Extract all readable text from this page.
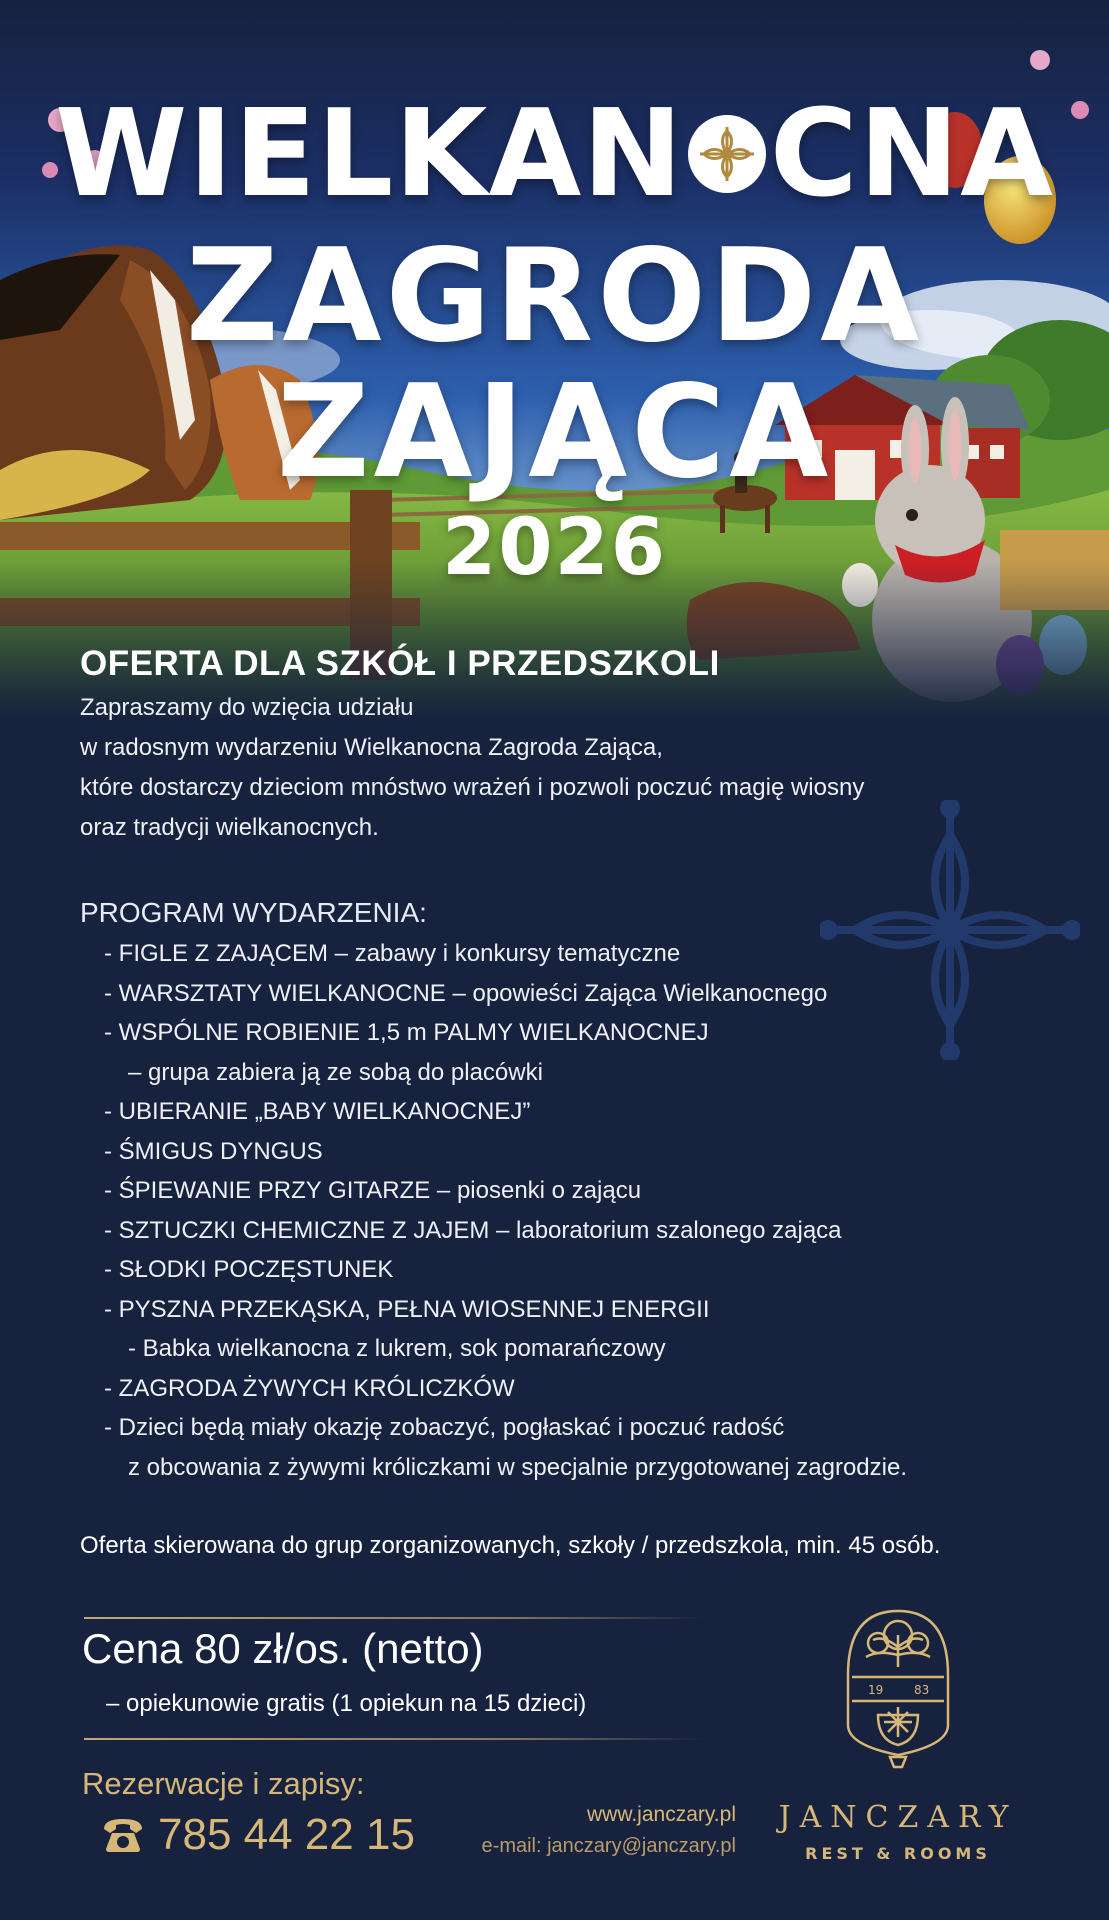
WIELKAN CNA
ZAGRODA
ZAJĄCA
2026
OFERTA DLA SZKÓŁ I PRZEDSZKOLI
Zapraszamy do wzięcia udziału
w radosnym wydarzeniu Wielkanocna Zagroda Zająca,
które dostarczy dzieciom mnóstwo wrażeń i pozwoli poczuć magię wiosny
oraz tradycji wielkanocnych.
PROGRAM WYDARZENIA:
- FIGLE Z ZAJĄCEM – zabawy i konkursy tematyczne
- WARSZTATY WIELKANOCNE – opowieści Zająca Wielkanocnego
- WSPÓLNE ROBIENIE 1,5 m PALMY WIELKANOCNEJ
– grupa zabiera ją ze sobą do placówki
- UBIERANIE „BABY WIELKANOCNEJ”
- ŚMIGUS DYNGUS
- ŚPIEWANIE PRZY GITARZE – piosenki o zającu
- SZTUCZKI CHEMICZNE Z JAJEM – laboratorium szalonego zająca
- SŁODKI POCZĘSTUNEK
- PYSZNA PRZEKĄSKA, PEŁNA WIOSENNEJ ENERGII
- Babka wielkanocna z lukrem, sok pomarańczowy
- ZAGRODA ŻYWYCH KRÓLICZKÓW
- Dzieci będą miały okazję zobaczyć, pogłaskać i poczuć radość
z obcowania z żywymi króliczkami w specjalnie przygotowanej zagrodzie.
Oferta skierowana do grup zorganizowanych, szkoły / przedszkola, min. 45 osób.
Cena 80 zł/os. (netto)
– opiekunowie gratis (1 opiekun na 15 dzieci)
Rezerwacje i zapisy:
785 44 22 15	www.janczary.pl
e-mail: janczary@janczary.pl
19	83
JANCZARY
REST & ROOMS
